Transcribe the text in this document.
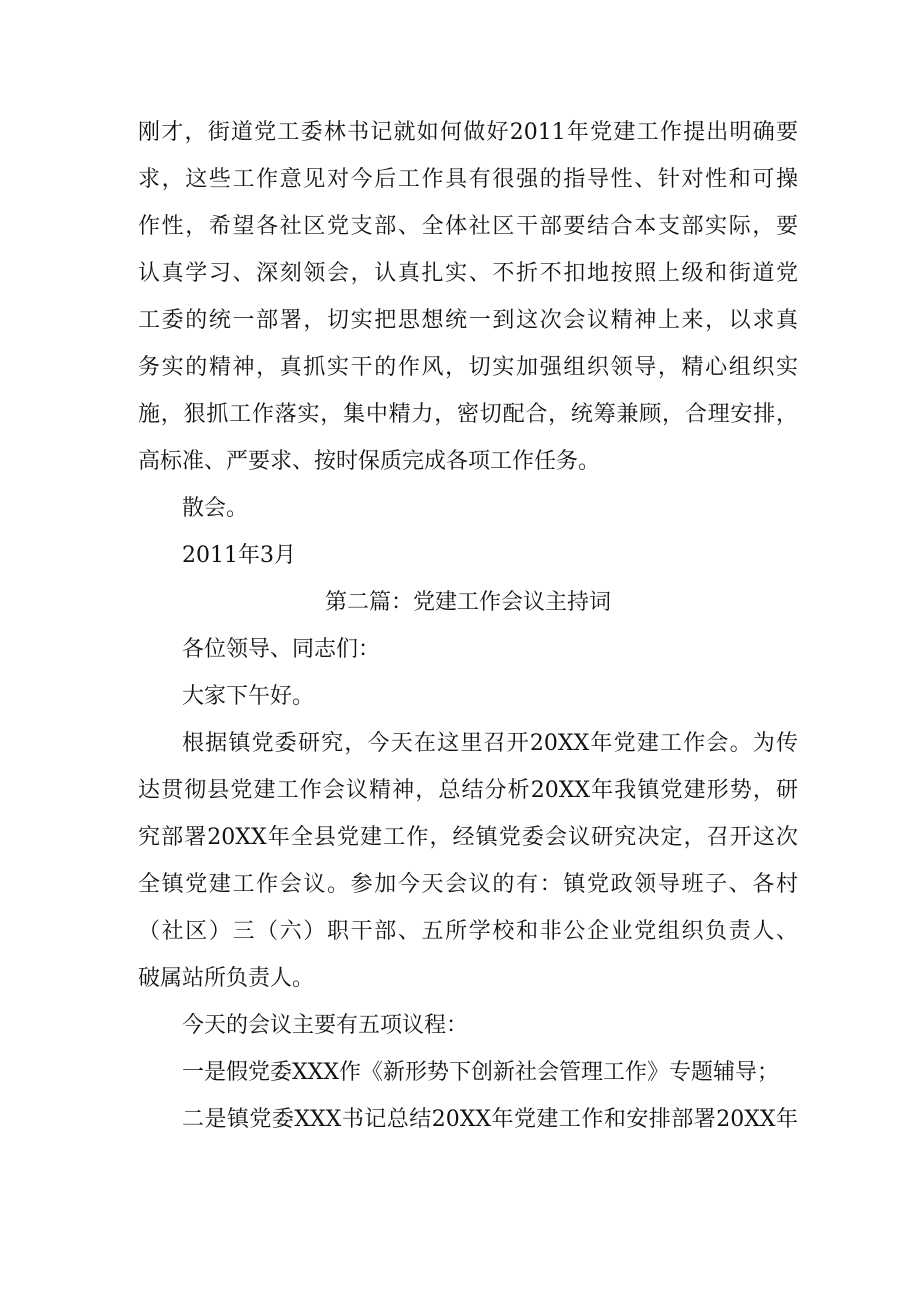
刚才，街道党工委林书记就如何做好2011年党建工作提出明确要
求，这些工作意见对今后工作具有很强的指导性、针对性和可操
作性，希望各社区党支部、全体社区干部要结合本支部实际，要
认真学习、深刻领会，认真扎实、不折不扣地按照上级和街道党
工委的统一部署，切实把思想统一到这次会议精神上来，以求真
务实的精神，真抓实干的作风，切实加强组织领导，精心组织实
施，狠抓工作落实，集中精力，密切配合，统筹兼顾，合理安排，
高标准、严要求、按时保质完成各项工作任务。
散会。
2011年3月
第二篇：党建工作会议主持词
各位领导、同志们：
大家下午好。
根据镇党委研究，今天在这里召开20XX年党建工作会。为传
达贯彻县党建工作会议精神，总结分析20XX年我镇党建形势，研
究部署20XX年全县党建工作，经镇党委会议研究决定，召开这次
全镇党建工作会议。参加今天会议的有：镇党政领导班子、各村
（社区）三（六）职干部、五所学校和非公企业党组织负责人、
破属站所负责人。
今天的会议主要有五项议程：
一是假党委XXX作《新形势下创新社会管理工作》专题辅导；
二是镇党委XXX书记总结20XX年党建工作和安排部署20XX年
